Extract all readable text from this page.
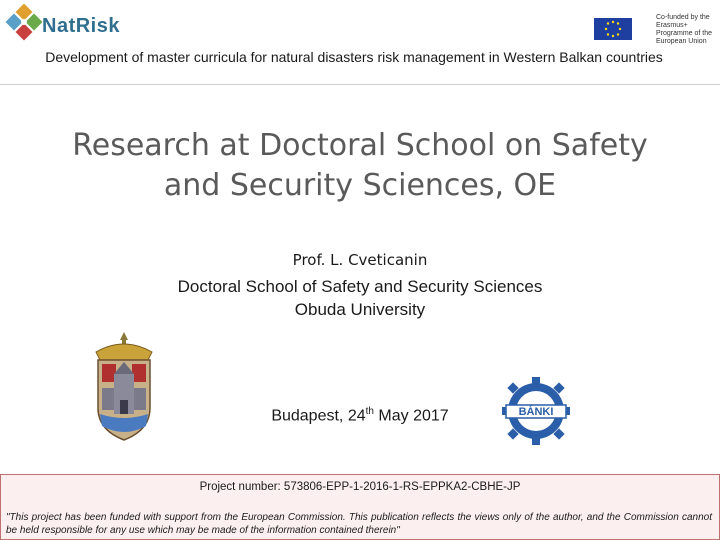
NatRisk	Co-funded by the Erasmus+ Programme of the European Union
Development of master curricula for natural disasters risk management in Western Balkan countries
Research at Doctoral School on Safety and Security Sciences, OE
Prof. L. Cveticanin
Doctoral School of Safety and Security Sciences
Obuda University
Budapest, 24th May 2017	BÁNKI
Project number: 573806-EPP-1-2016-1-RS-EPPKA2-CBHE-JP
"This project has been funded with support from the European Commission. This publication reflects the views only of the author, and the Commission cannot be held responsible for any use which may be made of the information contained therein"
